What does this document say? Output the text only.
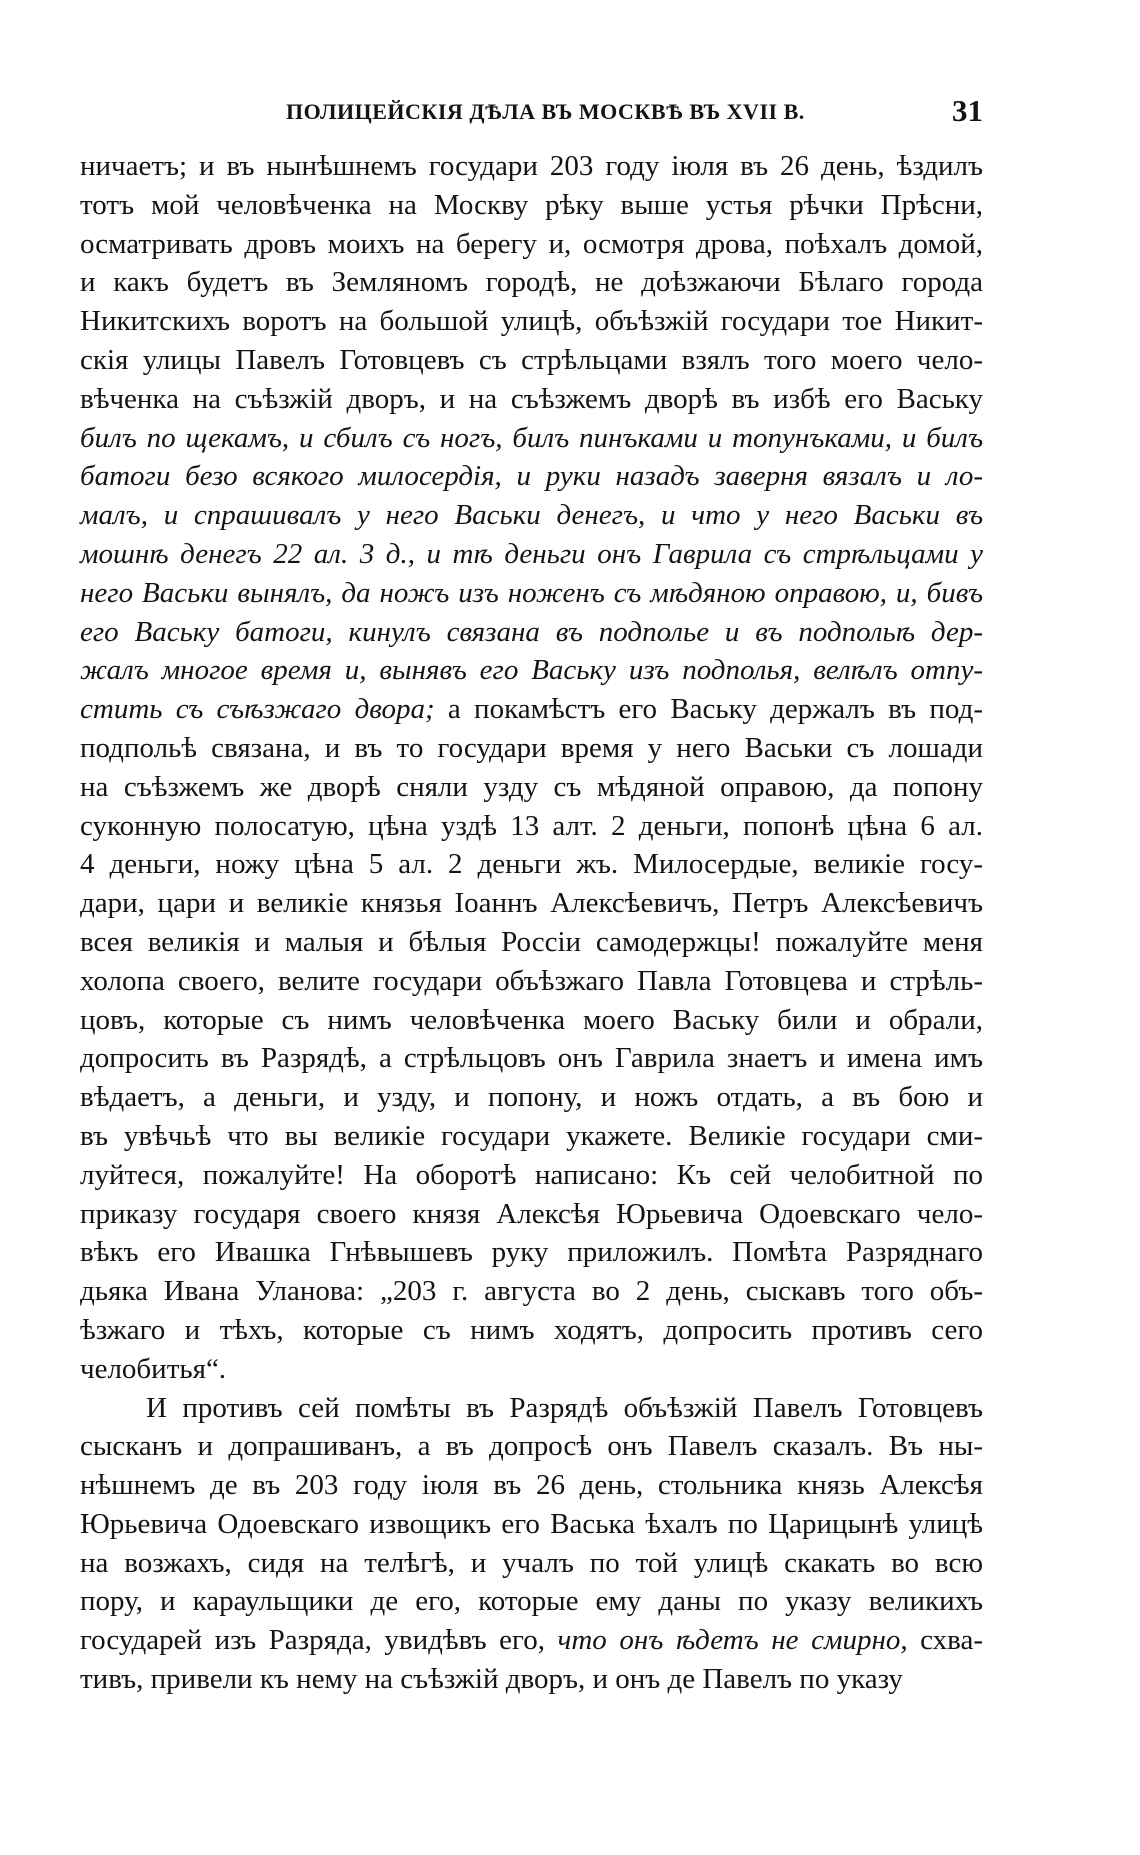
ПОЛИЦЕЙСКІЯ ДѢЛА ВЪ МОСКВѢ ВЪ XVII В.	31
ничаетъ; и въ нынѣшнемъ государи 203 году іюля въ 26 день, ѣздилъ
тотъ мой человѣченка на Москву рѣку выше устья рѣчки Прѣсни,
осматривать дровъ моихъ на берегу и, осмотря дрова, поѣхалъ домой,
и какъ будетъ въ Земляномъ городѣ, не доѣзжаючи Бѣлаго города
Никитскихъ воротъ на большой улицѣ, объѣзжій государи тое Никит-
скія улицы Павелъ Готовцевъ съ стрѣльцами взялъ того моего чело-
вѣченка на съѣзжій дворъ, и на съѣзжемъ дворѣ въ избѣ его Ваську
билъ по щекамъ, и сбилъ съ ногъ, билъ пинъками и топунъками, и билъ
батоги безо всякого милосердія, и руки назадъ заверня вязалъ и ло-
малъ, и спрашивалъ у него Васьки денегъ, и что у него Васьки въ
мошнѣ денегъ 22 ал. 3 д., и тѣ деньги онъ Гаврила съ стрѣльцами у
него Васьки вынялъ, да ножъ изъ ноженъ съ мѣдяною оправою, и, бивъ
его Ваську батоги, кинулъ связана въ подполье и въ подпольѣ дер-
жалъ многое время и, вынявъ его Ваську изъ подполья, велѣлъ отпу-
стить съ съѣзжаго двора; а покамѣстъ его Ваську держалъ въ под-
подпольѣ связана, и въ то государи время у него Васьки съ лошади
на съѣзжемъ же дворѣ сняли узду съ мѣдяной оправою, да попону
суконную полосатую, цѣна уздѣ 13 алт. 2 деньги, попонѣ цѣна 6 ал.
4 деньги, ножу цѣна 5 ал. 2 деньги жъ. Милосердые, великіе госу-
дари, цари и великіе князья Іоаннъ Алексѣевичъ, Петръ Алексѣевичъ
всея великія и малыя и бѣлыя Россіи самодержцы! пожалуйте меня
холопа своего, велите государи объѣзжаго Павла Готовцева и стрѣль-
цовъ, которые съ нимъ человѣченка моего Ваську били и обрали,
допросить въ Разрядѣ, а стрѣльцовъ онъ Гаврила знаетъ и имена имъ
вѣдаетъ, а деньги, и узду, и попону, и ножъ отдать, а въ бою и
въ увѣчьѣ что вы великіе государи укажете. Великіе государи сми-
луйтеся, пожалуйте! На оборотѣ написано: Къ сей челобитной по
приказу государя своего князя Алексѣя Юрьевича Одоевскаго чело-
вѣкъ его Ивашка Гнѣвышевъ руку приложилъ. Помѣта Разряднаго
дьяка Ивана Уланова: „203 г. августа во 2 день, сыскавъ того объ-
ѣзжаго и тѣхъ, которые съ нимъ ходятъ, допросить противъ сего
челобитья“.
И противъ сей помѣты въ Разрядѣ объѣзжій Павелъ Готовцевъ
сысканъ и допрашиванъ, а въ допросѣ онъ Павелъ сказалъ. Въ ны-
нѣшнемъ де въ 203 году іюля въ 26 день, стольника князь Алексѣя
Юрьевича Одоевскаго извощикъ его Васька ѣхалъ по Царицынѣ улицѣ
на возжахъ, сидя на телѣгѣ, и учалъ по той улицѣ скакать во всю
пору, и караульщики де его, которые ему даны по указу великихъ
государей изъ Разряда, увидѣвъ его, что онъ ѣдетъ не смирно, схва-
тивъ, привели къ нему на съѣзжій дворъ, и онъ де Павелъ по указу
